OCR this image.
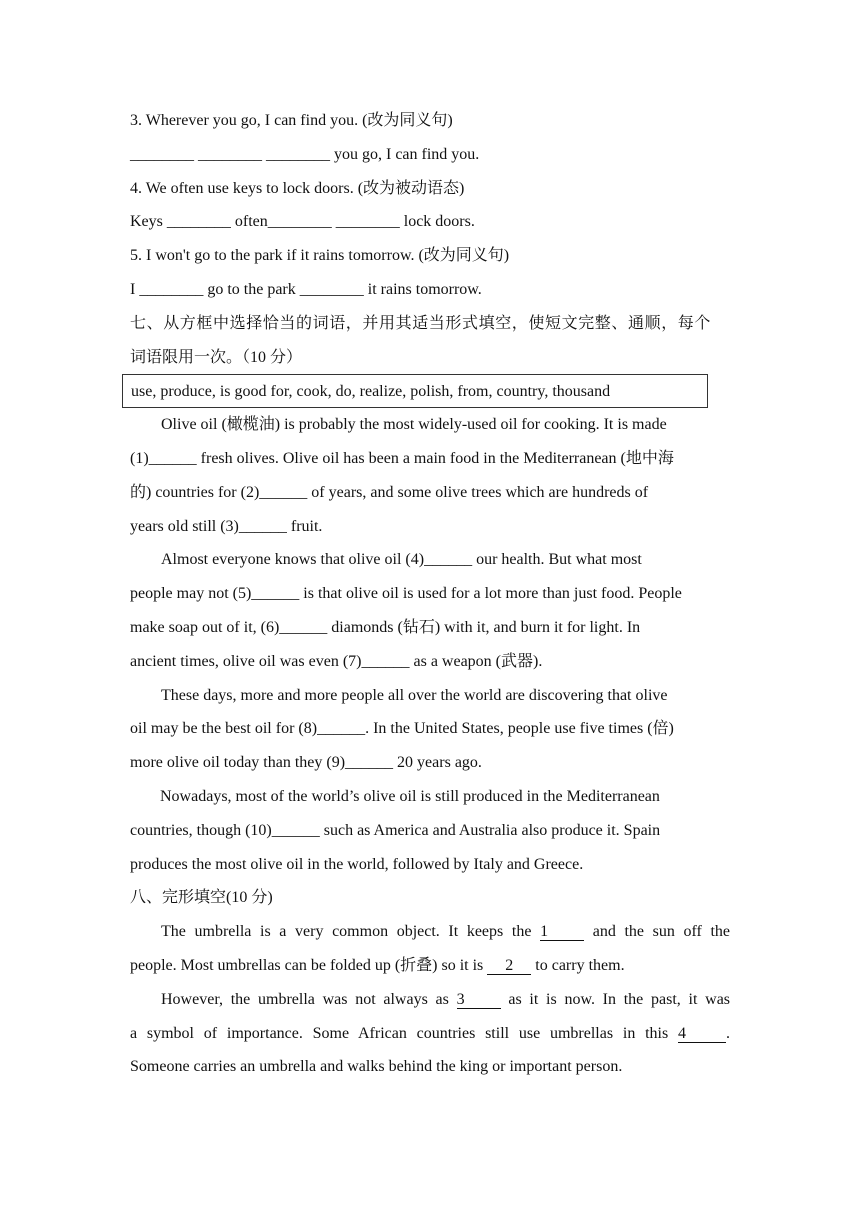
3. Wherever you go, I can find you. (改为同义句)
________ ________ ________ you go, I can find you.
4. We often use keys to lock doors. (改为被动语态)
Keys ________ often________ ________ lock doors.
5. I won't go to the park if it rains tomorrow. (改为同义句)
I ________ go to the park ________ it rains tomorrow.
七、从方框中选择恰当的词语，并用其适当形式填空，使短文完整、通顺，每个
词语限用一次。（10 分）
Olive oil (橄榄油) is probably the most widely-used oil for cooking. It is made
(1)______ fresh olives. Olive oil has been a main food in the Mediterranean (地中海
的) countries for (2)______ of years, and some olive trees which are hundreds of
years old still (3)______ fruit.
Almost everyone knows that olive oil (4)______ our health. But what most
people may not (5)______ is that olive oil is used for a lot more than just food. People
make soap out of it, (6)______ diamonds (钻石) with it, and burn it for light. In
ancient times, olive oil was even (7)______ as a weapon (武器).
These days, more and more people all over the world are discovering that olive
oil may be the best oil for (8)______. In the United States, people use five times (倍)
more olive oil today than they (9)______ 20 years ago.
Nowadays, most of the world’s olive oil is still produced in the Mediterranean
countries, though (10)______ such as America and Australia also produce it. Spain
produces the most olive oil in the world, followed by Italy and Greece.
八、完形填空(10 分)
The umbrella is a very common object. It keeps the 1	and the sun off the
people. Most umbrellas can be folded up (折叠) so it is 2 to carry them.
However, the umbrella was not always as 3	as it is now. In the past, it was
a symbol of importance. Some African countries still use umbrellas in this 4	.
Someone carries an umbrella and walks behind the king or important person.
use, produce, is good for, cook, do, realize, polish, from, country, thousand
